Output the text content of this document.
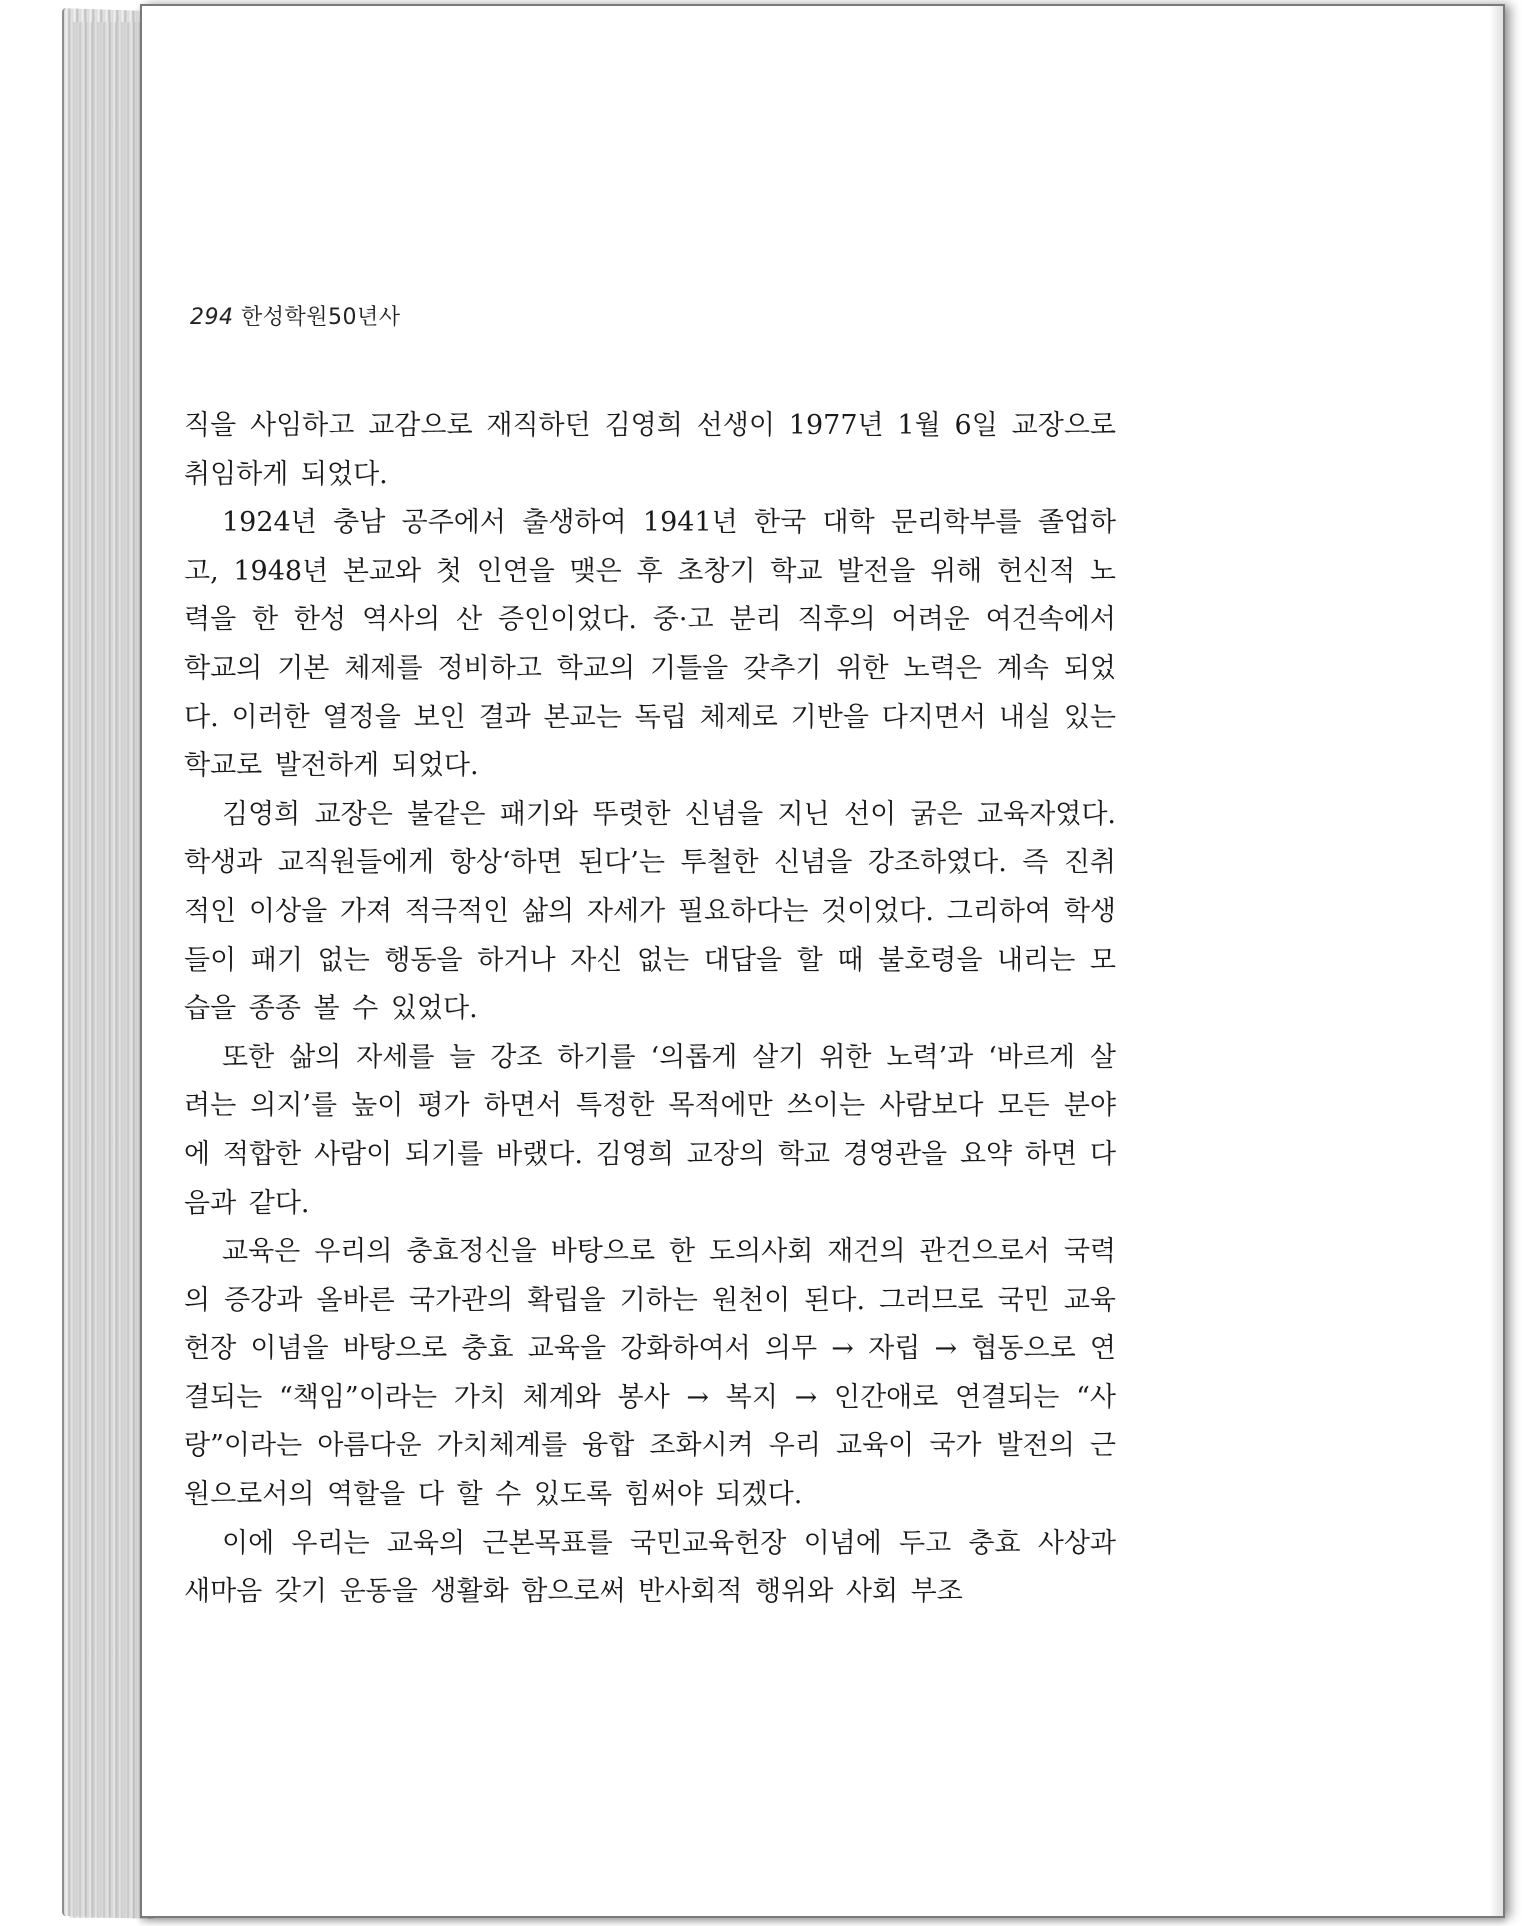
294 한성학원50년사

직을 사임하고 교감으로 재직하던 김영희 선생이 1977년 1월 6일 교장으로 취임하게 되었다.

1924년 충남 공주에서 출생하여 1941년 한국 대학 문리학부를 졸업하고, 1948년 본교와 첫 인연을 맺은 후 초창기 학교 발전을 위해 헌신적 노력을 한 한성 역사의 산 증인이었다. 중·고 분리 직후의 어려운 여건속에서 학교의 기본 체제를 정비하고 학교의 기틀을 갖추기 위한 노력은 계속 되었다. 이러한 열정을 보인 결과 본교는 독립 체제로 기반을 다지면서 내실 있는 학교로 발전하게 되었다.

김영희 교장은 불같은 패기와 뚜렷한 신념을 지닌 선이 굵은 교육자였다. 학생과 교직원들에게 항상‘하면 된다’는 투철한 신념을 강조하였다. 즉 진취적인 이상을 가져 적극적인 삶의 자세가 필요하다는 것이었다. 그리하여 학생들이 패기 없는 행동을 하거나 자신 없는 대답을 할 때 불호령을 내리는 모습을 종종 볼 수 있었다.

또한 삶의 자세를 늘 강조 하기를 ‘의롭게 살기 위한 노력’과 ‘바르게 살려는 의지’를 높이 평가 하면서 특정한 목적에만 쓰이는 사람보다 모든 분야에 적합한 사람이 되기를 바랬다. 김영희 교장의 학교 경영관을 요약 하면 다음과 같다.

교육은 우리의 충효정신을 바탕으로 한 도의사회 재건의 관건으로서 국력의 증강과 올바른 국가관의 확립을 기하는 원천이 된다. 그러므로 국민 교육 헌장 이념을 바탕으로 충효 교육을 강화하여서 의무 → 자립 → 협동으로 연결되는 “책임”이라는 가치 체계와 봉사 → 복지 → 인간애로 연결되는 “사랑”이라는 아름다운 가치체계를 융합 조화시켜 우리 교육이 국가 발전의 근원으로서의 역할을 다 할 수 있도록 힘써야 되겠다.

이에 우리는 교육의 근본목표를 국민교육헌장 이념에 두고 충효 사상과 새마음 갖기 운동을 생활화 함으로써 반사회적 행위와 사회 부조
